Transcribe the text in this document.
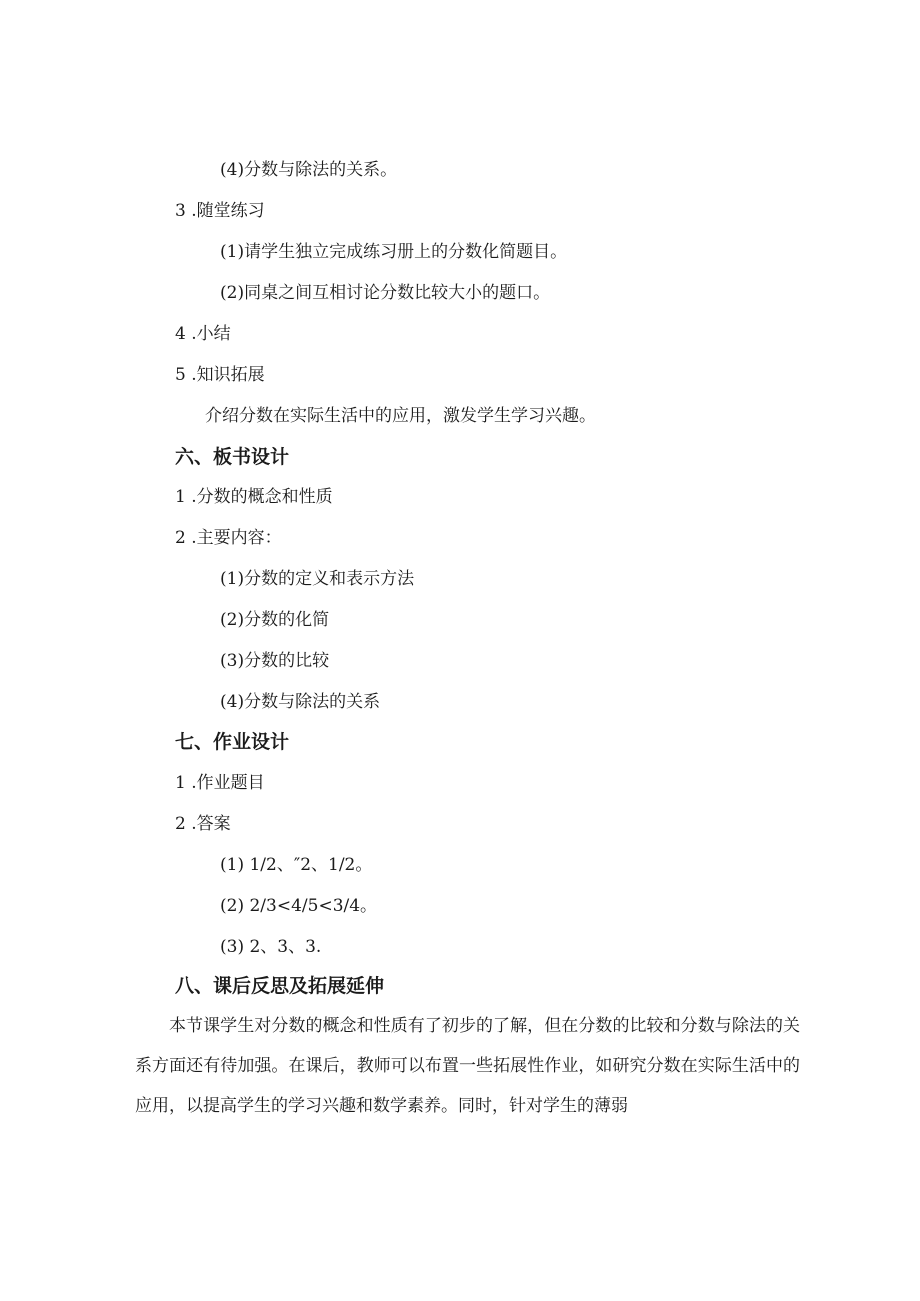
(4)分数与除法的关系。
3 .随堂练习
(1)请学生独立完成练习册上的分数化简题目。
(2)同桌之间互相讨论分数比较大小的题口。
4 .小结
5 .知识拓展
介绍分数在实际生活中的应用，激发学生学习兴趣。
六、板书设计
1 .分数的概念和性质
2 .主要内容：
(1)分数的定义和表示方法
(2)分数的化简
(3)分数的比较
(4)分数与除法的关系
七、作业设计
1 .作业题目
2 .答案
(1) 1/2、″2、1/2。
(2) 2/3<4/5<3/4。
(3) 2、3、3.
八、课后反思及拓展延伸
本节课学生对分数的概念和性质有了初步的了解，但在分数的比较和分数与除法的关系方面还有待加强。在课后，教师可以布置一些拓展性作业，如研究分数在实际生活中的应用，以提高学生的学习兴趣和数学素养。同时，针对学生的薄弱
